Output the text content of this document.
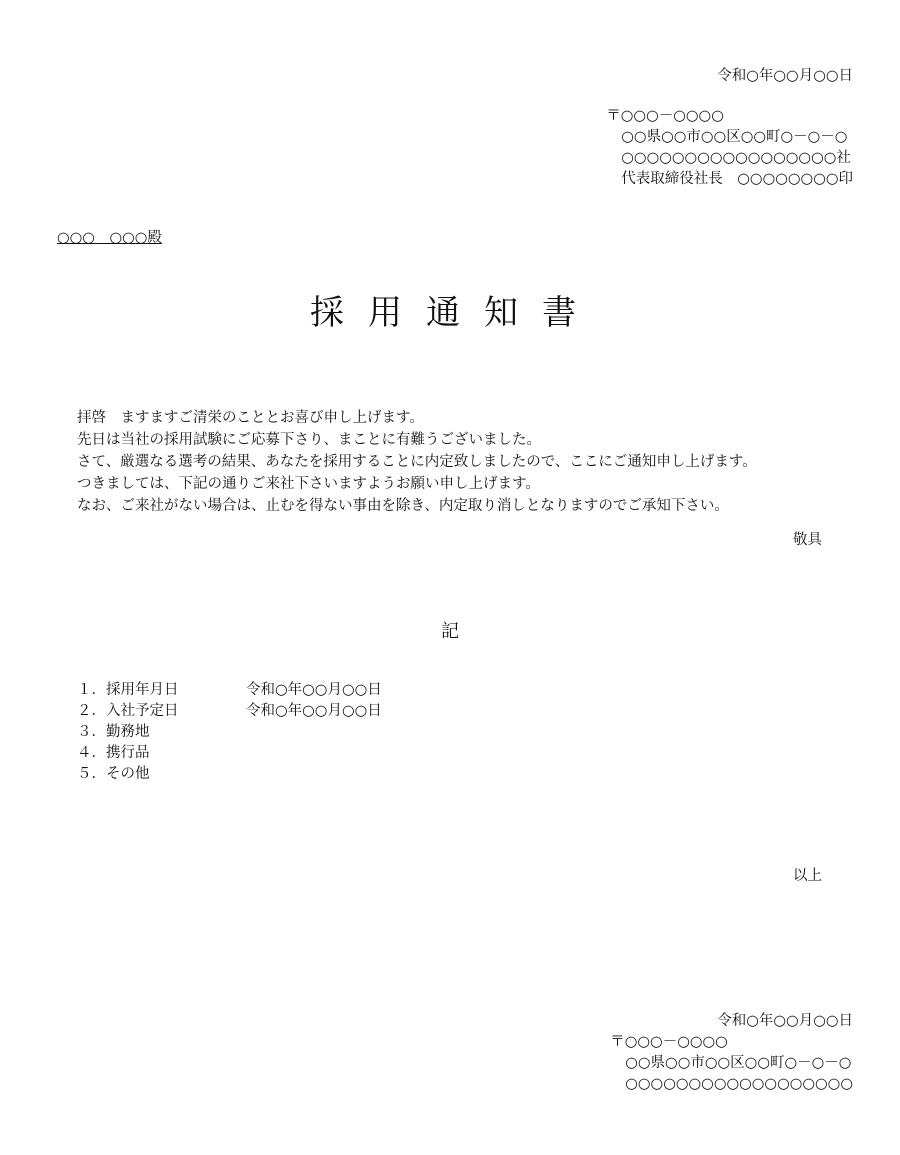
令和○年○○月○○日
〒○○○－○○○○
○○県○○市○○区○○町○－○－○
○○○○○○○○○○○○○○○○○社
代表取締役社長　○○○○○○○○印
○○○　○○○殿
採用通知書
拝啓　ますますご清栄のこととお喜び申し上げます。
先日は当社の採用試験にご応募下さり、まことに有難うございました。
さて、厳選なる選考の結果、あなたを採用することに内定致しましたので、ここにご通知申し上げます。
つきましては、下記の通りご来社下さいますようお願い申し上げます。
なお、ご来社がない場合は、止むを得ない事由を除き、内定取り消しとなりますのでご承知下さい。
敬具
記
１．採用年月日	令和○年○○月○○日
２．入社予定日	令和○年○○月○○日
３．勤務地
４．携行品
５．その他
以上
令和○年○○月○○日
〒○○○－○○○○
○○県○○市○○区○○町○－○－○
○○○○○○○○○○○○○○○○○○
